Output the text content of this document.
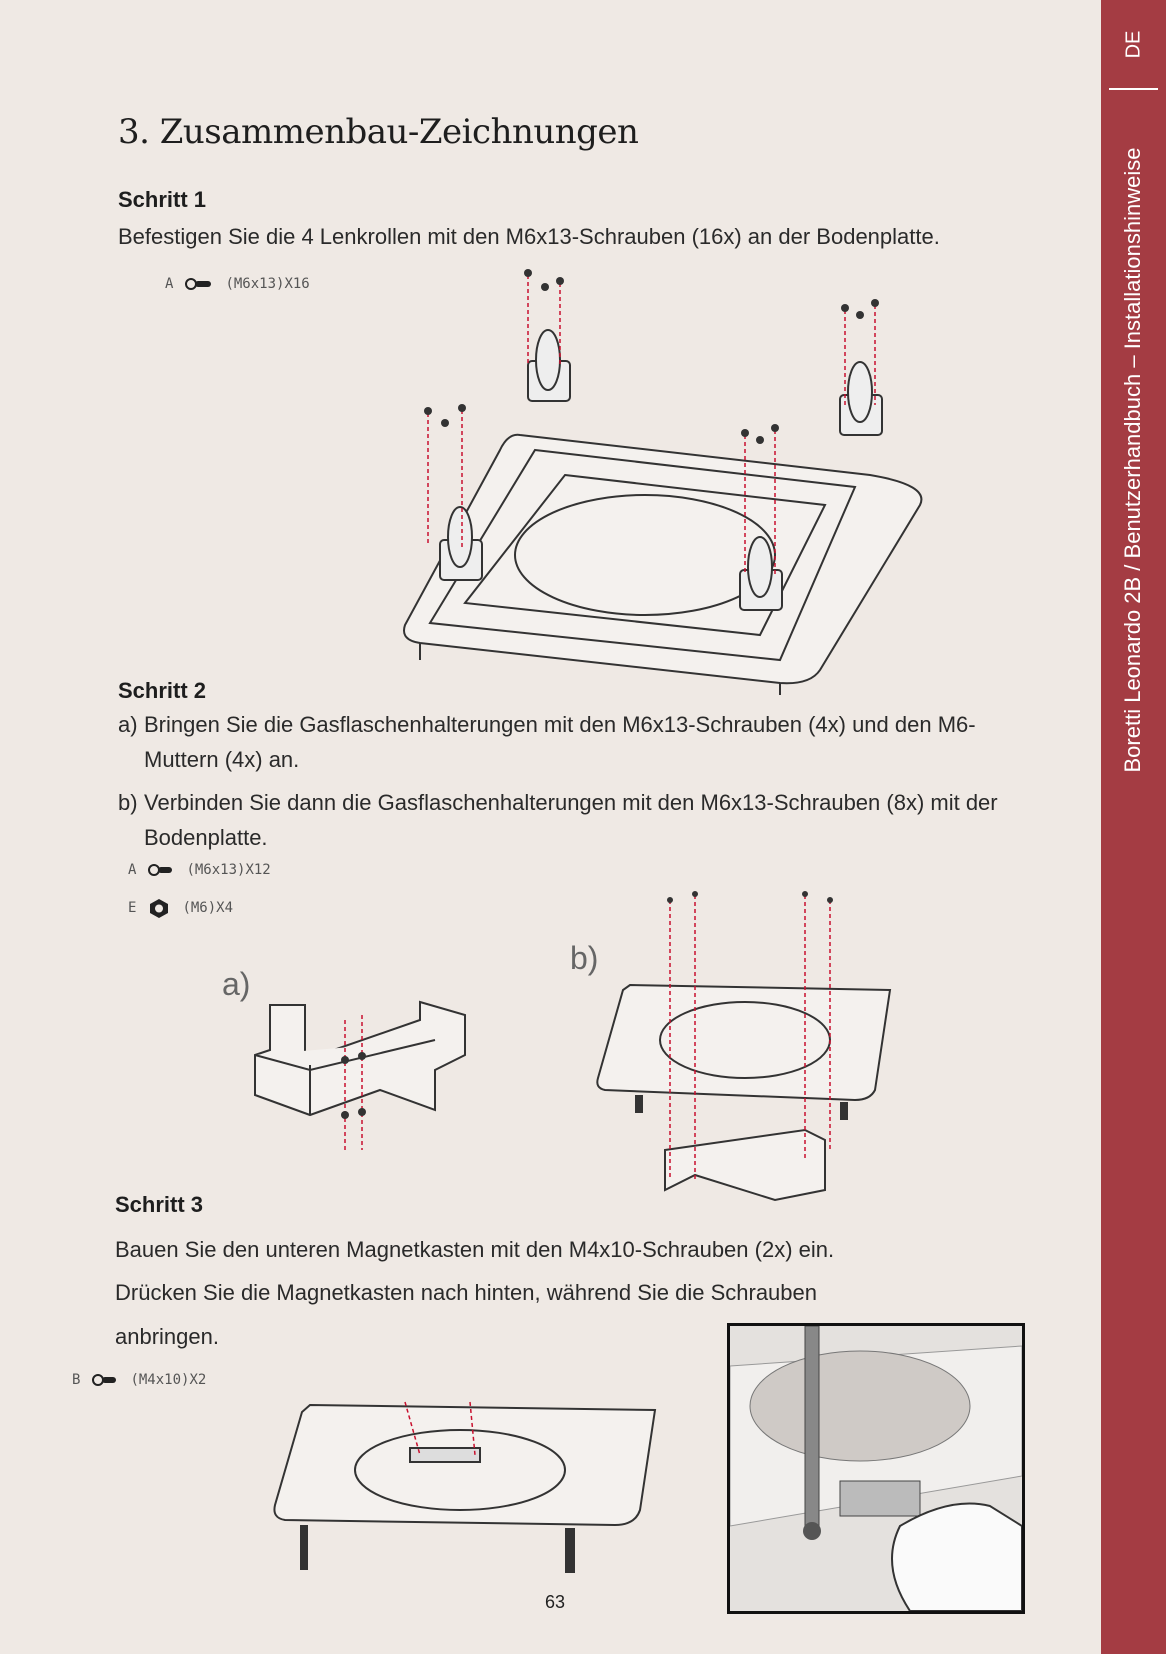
DE
Boretti Leonardo 2B / Benutzerhandbuch – Installationshinweise
3. Zusammenbau-Zeichnungen
Schritt 1
Befestigen Sie die 4 Lenkrollen mit den M6x13-Schrauben (16x) an der Bodenplatte.
A	(M6x13)X16
Schritt 2
a) Bringen Sie die Gasflaschenhalterungen mit den M6x13-Schrauben (4x) und den M6-Muttern (4x) an.
b) Verbinden Sie dann die Gasflaschenhalterungen mit den M6x13-Schrauben (8x) mit der Bodenplatte.
A	(M6x13)X12
E	(M6)X4
a)
b)
Schritt 3
Bauen Sie den unteren Magnetkasten mit den M4x10-Schrauben (2x) ein.
Drücken Sie die Magnetkasten nach hinten, während Sie die Schrauben
anbringen.
B	(M4x10)X2
63
